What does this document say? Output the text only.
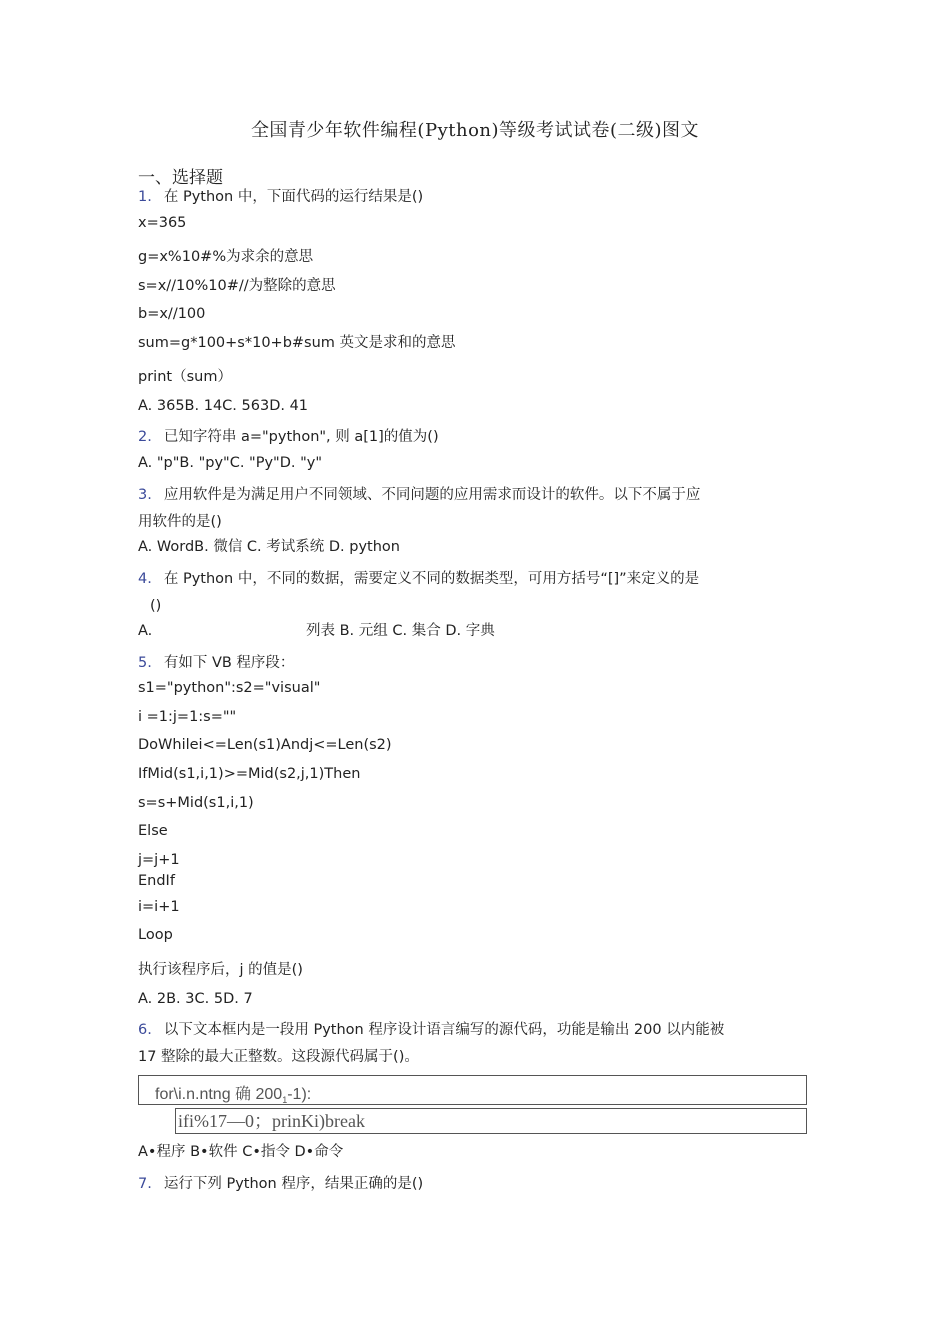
全国青少年软件编程(Python)等级考试试卷(二级)图文
一、选择题
1. 在 Python 中，下面代码的运行结果是()
x=365
g=x%10#%为求余的意思
s=x//10%10#//为整除的意思
b=x//100
sum=g*100+s*10+b#sum 英文是求和的意思
print（sum）
A. 365B. 14C. 563D. 41
2. 已知字符串 a="python", 则 a[1]的值为()
A. "p"B. "py"C. "Py"D. "y"
3. 应用软件是为满足用户不同领域、不同问题的应用需求而设计的软件。以下不属于应
用软件的是()
A. WordB. 微信 C. 考试系统 D. python
4. 在 Python 中，不同的数据，需要定义不同的数据类型，可用方括号“[]”来定义的是
()
A.	列表 B. 元组 C. 集合 D. 字典
5. 有如下 VB 程序段：
s1="python":s2="visual"
i =1:j=1:s=""
DoWhilei<=Len(s1)Andj<=Len(s2)
IfMid(s1,i,1)>=Mid(s2,j,1)Then
s=s+Mid(s1,i,1)
Else
j=j+1
EndIf
i=i+1
Loop
执行该程序后，j 的值是()
A. 2B. 3C. 5D. 7
6. 以下文本框内是一段用 Python 程序设计语言编写的源代码，功能是输出 200 以内能被
17 整除的最大正整数。这段源代码属于()。
for\i.n.ntng 确 $200_1-1$):
ifi%17—0；prinKi)break
A•程序 B•软件 C•指令 D•命令
7. 运行下列 Python 程序，结果正确的是()
